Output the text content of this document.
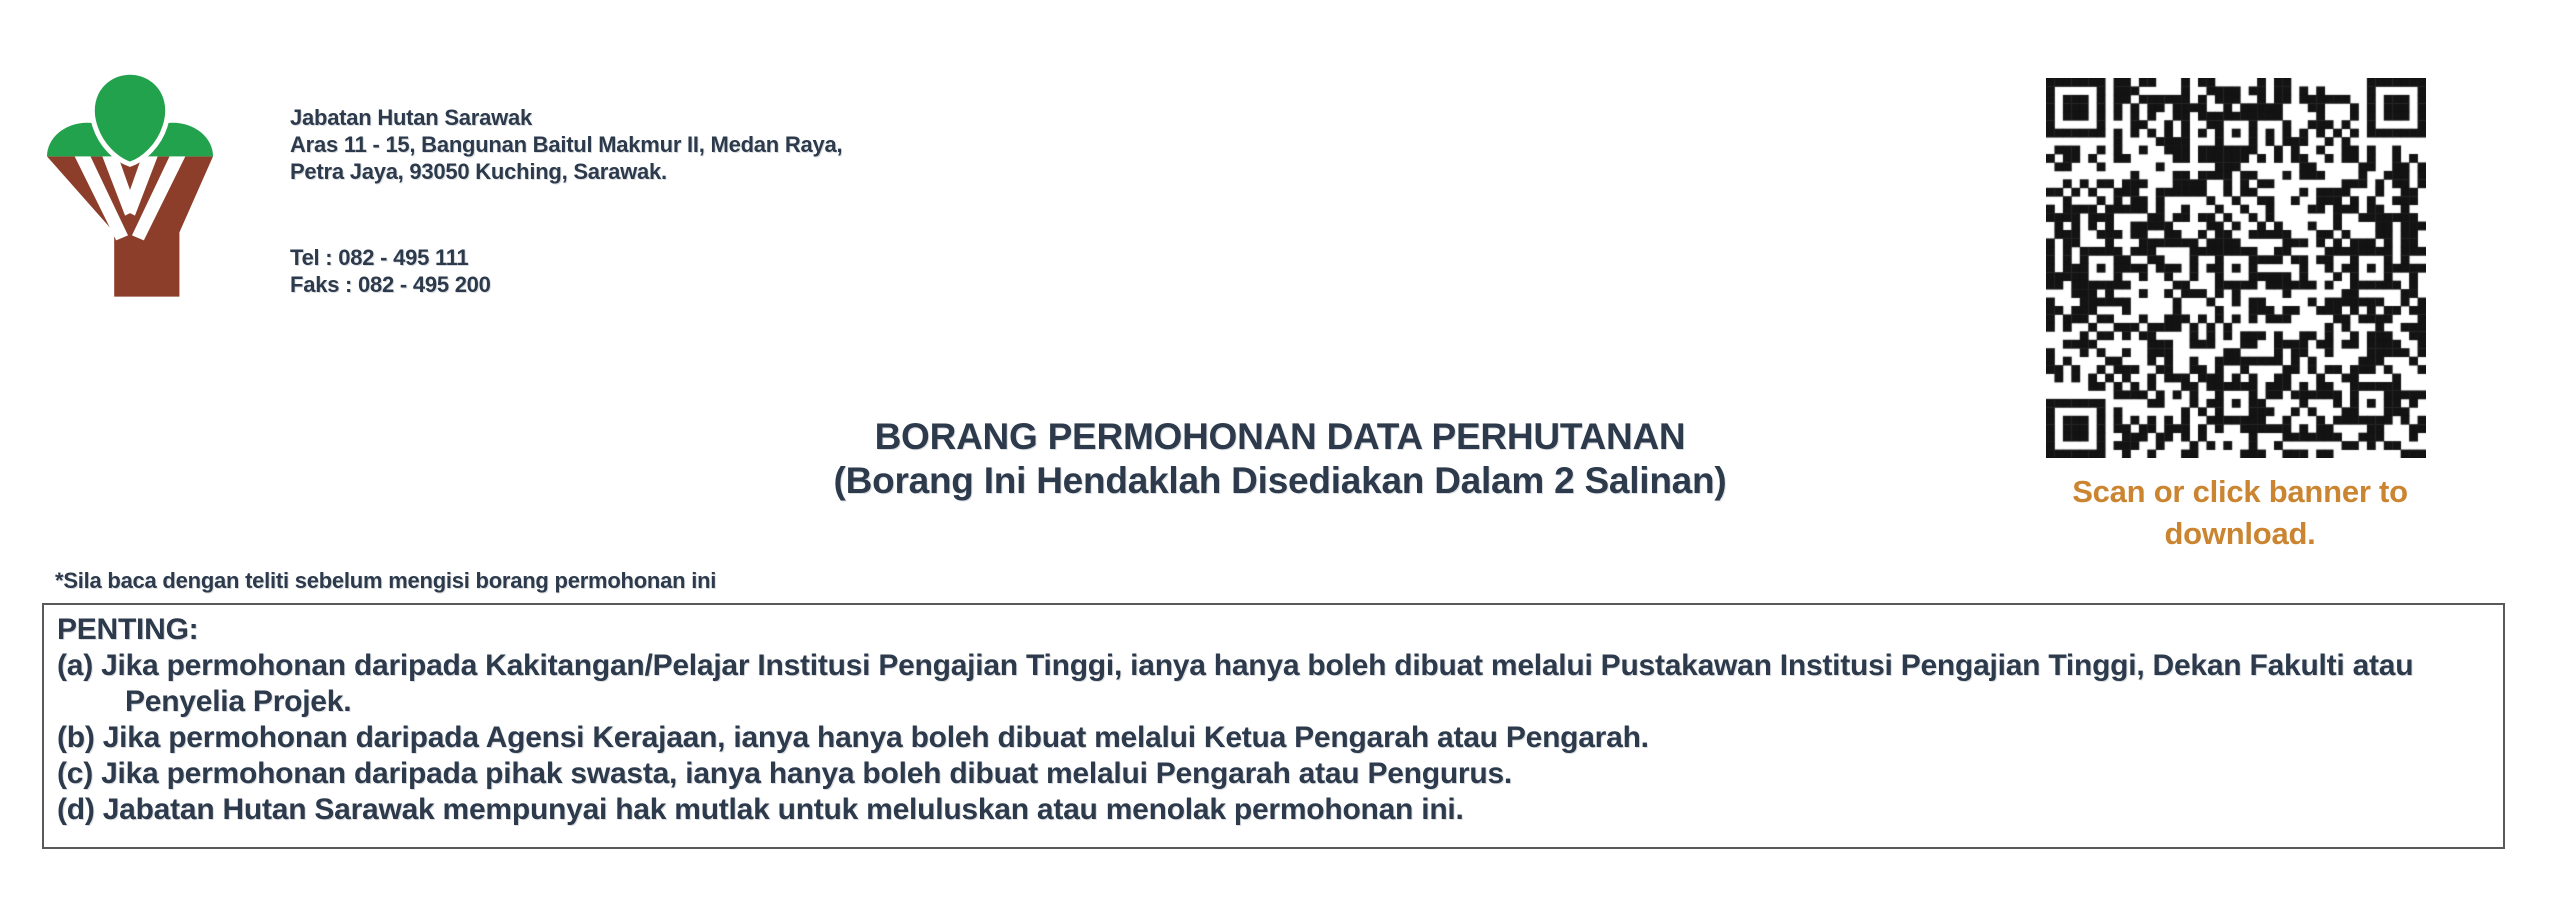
Jabatan Hutan Sarawak
Aras 11 - 15, Bangunan Baitul Makmur II, Medan Raya,
Petra Jaya, 93050 Kuching, Sarawak.
Tel : 082 - 495 111
Faks : 082 - 495 200
Scan or click banner to
download.
BORANG PERMOHONAN DATA PERHUTANAN
(Borang Ini Hendaklah Disediakan Dalam 2 Salinan)
*Sila baca dengan teliti sebelum mengisi borang permohonan ini
PENTING:
(a) Jika permohonan daripada Kakitangan/Pelajar Institusi Pengajian Tinggi, ianya hanya boleh dibuat melalui Pustakawan Institusi Pengajian Tinggi, Dekan Fakulti atau Penyelia Projek.
(b) Jika permohonan daripada Agensi Kerajaan, ianya hanya boleh dibuat melalui Ketua Pengarah atau Pengarah.
(c) Jika permohonan daripada pihak swasta, ianya hanya boleh dibuat melalui Pengarah atau Pengurus.
(d) Jabatan Hutan Sarawak mempunyai hak mutlak untuk meluluskan atau menolak permohonan ini.
